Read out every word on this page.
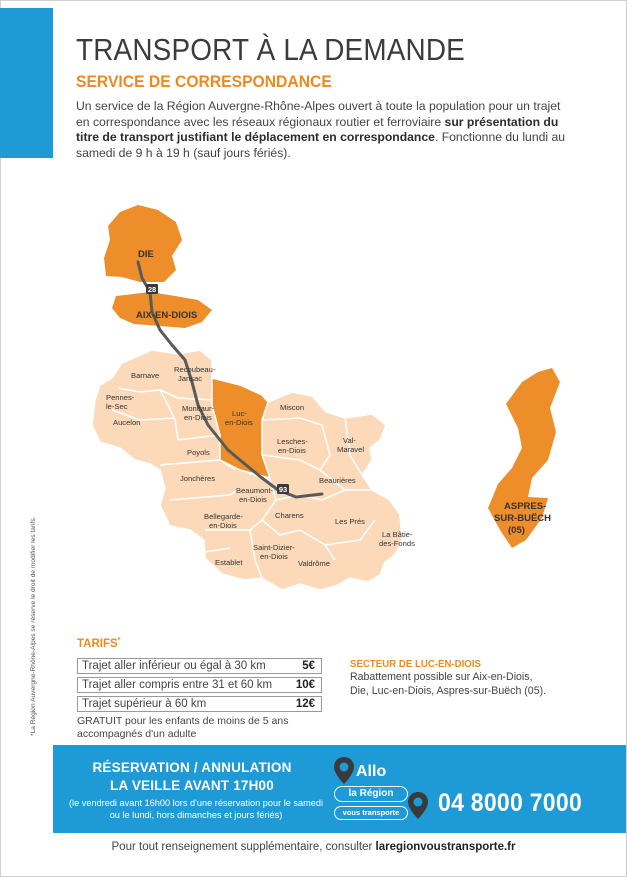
TRANSPORT À LA DEMANDE
SERVICE DE CORRESPONDANCE

Un service de la Région Auvergne-Rhône-Alpes ouvert à toute la population pour un trajet en correspondance avec les réseaux régionaux routier et ferroviaire sur présentation du titre de transport justifiant le déplacement en correspondance. Fonctionne du lundi au samedi de 9 h à 19 h (sauf jours fériés).

*La Région Auvergne-Rhône-Alpes se réserve le droit de modifier les tarifs.
28
93
DIE
AIX-EN-DIOIS
Barnave
Recoubeau-
Jansac
Pennes-
le-Sec
Aucelon
Montlaur-
en-Diois	Luc-
en-Diois
Miscon
Lesches-
en-Diois
Val-
Maravel
Poyols
Jonchères	Beaurières
Beaumont-
en-Diois
Charens
Bellegarde-
en-Diois	Les Prés
La Bâtie-
des-Fonds
Saint-Dizier-
en-Diois
Establet	Valdrôme
ASPRES-
SUR-BUËCH
(05)
TARIFS*
Trajet aller inférieur ou égal à 30 km	5€
Trajet aller compris entre 31 et 60 km 10€
Trajet supérieur à 60 km	12€

GRATUIT pour les enfants de moins de 5 ans accompagnés d'un adulte

SECTEUR DE LUC-EN-DIOIS

Rabattement possible sur Aix-en-Diois, Die, Luc-en-Diois, Aspres-sur-Buëch (05).

RÉSERVATION / ANNULATION
LA VEILLE AVANT 17H00

(le vendredi avant 16h00 lors d'une réservation pour le samedi ou le lundi, hors dimanches et jours fériés)

Allo
la Région
vous transporte	04 8000 7000

Pour tout renseignement supplémentaire, consulter laregionvoustransporte.fr
